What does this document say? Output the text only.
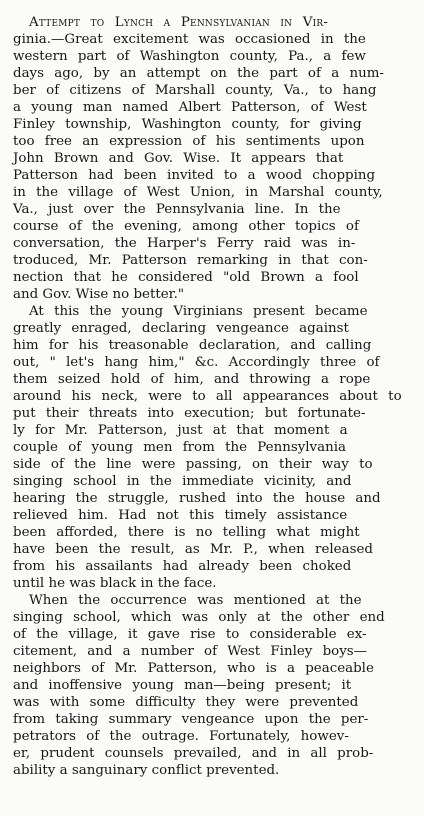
Attempt to Lynch a Pennsylvanian in Vir-
ginia.—Great excitement was occasioned in the
western part of Washington county, Pa., a few
days ago, by an attempt on the part of a num-
ber of citizens of Marshall county, Va., to hang
a young man named Albert Patterson, of West
Finley township, Washington county, for giving
too free an expression of his sentiments upon
John Brown and Gov. Wise. It appears that
Patterson had been invited to a wood chopping
in the village of West Union, in Marshal county,
Va., just over the Pennsylvania line. In the
course of the evening, among other topics of
conversation, the Harper's Ferry raid was in-
troduced, Mr. Patterson remarking in that con-
nection that he considered "old Brown a fool
and Gov. Wise no better."
At this the young Virginians present became
greatly enraged, declaring vengeance against
him for his treasonable declaration, and calling
out, " let's hang him," &c. Accordingly three of
them seized hold of him, and throwing a rope
around his neck, were to all appearances about to
put their threats into execution; but fortunate-
ly for Mr. Patterson, just at that moment a
couple of young men from the Pennsylvania
side of the line were passing, on their way to
singing school in the immediate vicinity, and
hearing the struggle, rushed into the house and
relieved him. Had not this timely assistance
been afforded, there is no telling what might
have been the result, as Mr. P., when released
from his assailants had already been choked
until he was black in the face.
When the occurrence was mentioned at the
singing school, which was only at the other end
of the village, it gave rise to considerable ex-
citement, and a number of West Finley boys—
neighbors of Mr. Patterson, who is a peaceable
and inoffensive young man—being present; it
was with some difficulty they were prevented
from taking summary vengeance upon the per-
petrators of the outrage. Fortunately, howev-
er, prudent counsels prevailed, and in all prob-
ability a sanguinary conflict prevented.
